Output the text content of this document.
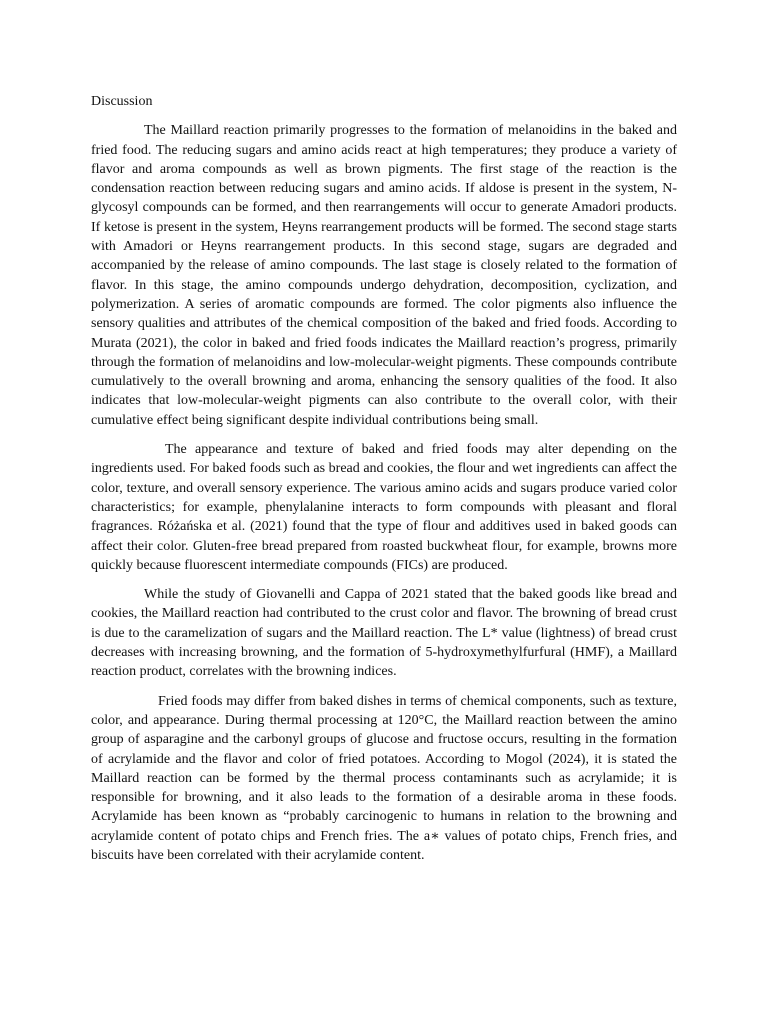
Discussion

The Maillard reaction primarily progresses to the formation of melanoidins in the baked and fried food. The reducing sugars and amino acids react at high temperatures; they produce a variety of flavor and aroma compounds as well as brown pigments. The first stage of the reaction is the condensation reaction between reducing sugars and amino acids. If aldose is present in the system, N-glycosyl compounds can be formed, and then rearrangements will occur to generate Amadori products. If ketose is present in the system, Heyns rearrangement products will be formed. The second stage starts with Amadori or Heyns rearrangement products. In this second stage, sugars are degraded and accompanied by the release of amino compounds. The last stage is closely related to the formation of flavor. In this stage, the amino compounds undergo dehydration, decomposition, cyclization, and polymerization. A series of aromatic compounds are formed. The color pigments also influence the sensory qualities and attributes of the chemical composition of the baked and fried foods. According to Murata (2021), the color in baked and fried foods indicates the Maillard reaction’s progress, primarily through the formation of melanoidins and low-molecular-weight pigments. These compounds contribute cumulatively to the overall browning and aroma, enhancing the sensory qualities of the food. It also indicates that low-molecular-weight pigments can also contribute to the overall color, with their cumulative effect being significant despite individual contributions being small.

The appearance and texture of baked and fried foods may alter depending on the ingredients used. For baked foods such as bread and cookies, the flour and wet ingredients can affect the color, texture, and overall sensory experience. The various amino acids and sugars produce varied color characteristics; for example, phenylalanine interacts to form compounds with pleasant and floral fragrances. Różańska et al. (2021) found that the type of flour and additives used in baked goods can affect their color. Gluten-free bread prepared from roasted buckwheat flour, for example, browns more quickly because fluorescent intermediate compounds (FICs) are produced.

While the study of Giovanelli and Cappa of 2021 stated that the baked goods like bread and cookies, the Maillard reaction had contributed to the crust color and flavor. The browning of bread crust is due to the caramelization of sugars and the Maillard reaction. The L* value (lightness) of bread crust decreases with increasing browning, and the formation of 5-hydroxymethylfurfural (HMF), a Maillard reaction product, correlates with the browning indices.

Fried foods may differ from baked dishes in terms of chemical components, such as texture, color, and appearance. During thermal processing at 120°C, the Maillard reaction between the amino group of asparagine and the carbonyl groups of glucose and fructose occurs, resulting in the formation of acrylamide and the flavor and color of fried potatoes. According to Mogol (2024), it is stated the Maillard reaction can be formed by the thermal process contaminants such as acrylamide; it is responsible for browning, and it also leads to the formation of a desirable aroma in these foods. Acrylamide has been known as “probably carcinogenic to humans in relation to the browning and acrylamide content of potato chips and French fries. The a∗ values of potato chips, French fries, and biscuits have been correlated with their acrylamide content.
